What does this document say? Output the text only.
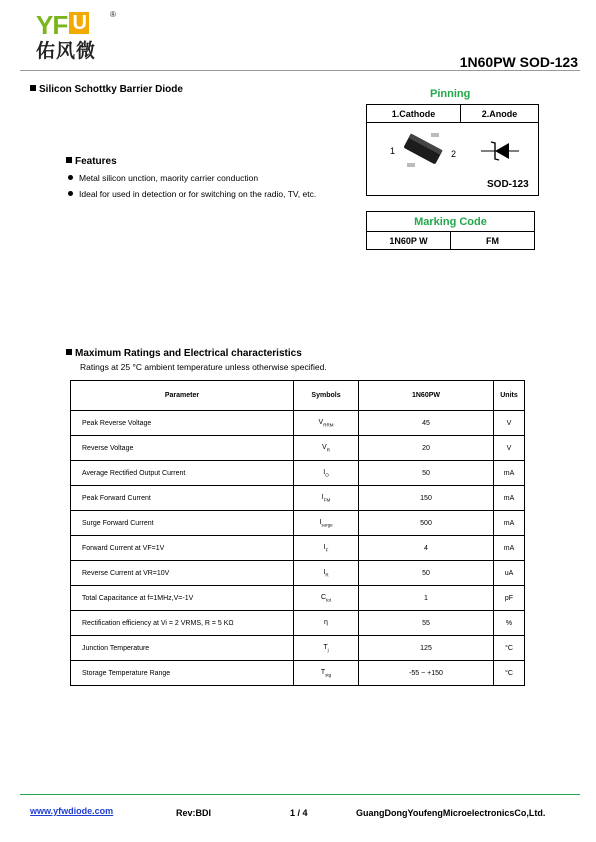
YF U	®
佑风微	1N60PW SOD-123
Silicon Schottky Barrier Diode
Features
Metal silicon unction, maority carrier conduction
Ideal for used in detection or for switching on the radio, TV, etc.
Pinning
1.Cathode	2.Anode
1	2
SOD-123
Marking Code
1N60P W	FM
Maximum Ratings and Electrical characteristics
Ratings at 25 °C ambient temperature unless otherwise specified.
Parameter	Symbols	1N60PW	Units
Peak Reverse Voltage	$V_{RRM}$	45	V
Reverse Voltage	$V_R$	20	V
Average Rectified Output Current	$I_O$	50	mA
Peak Forward Current	$I_{FM}$	150	mA
Surge Forward Current	$I_{surge}$	500	mA
Forward Current at VF=1V	$I_F$	4	mA
Reverse Current at VR=10V	$I_R$	50	uA
Total Capacitance at f=1MHz,V=-1V	$C_{tot}$	1	pF
Rectification efficiency at Vi = 2 VRMS, R = 5 KΩ	η	55	%
Junction Temperature	$T_j$	125	°C
Storage Temperature Range	$T_{stg}$	-55 ~ +150	°C
www.yfwdiode.com	Rev:BDI	1 / 4	GuangDongYoufengMicroelectronicsCo,Ltd.
